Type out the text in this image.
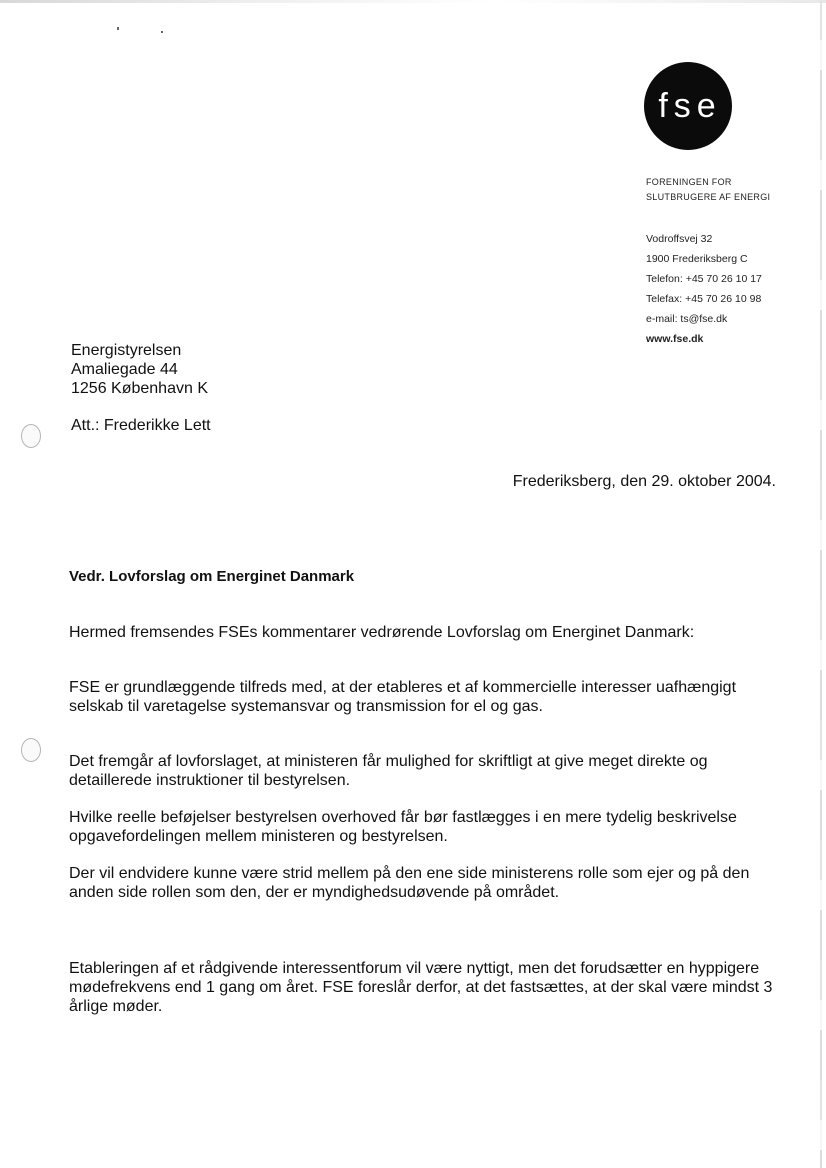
fse
FORENINGEN FOR
SLUTBRUGERE AF ENERGI
Vodroffsvej 32
1900 Frederiksberg C
Telefon: +45 70 26 10 17
Telefax: +45 70 26 10 98
e-mail: ts@fse.dk
www.fse.dk
Energistyrelsen
Amaliegade 44
1256 København K
Att.: Frederikke Lett
Frederiksberg, den 29. oktober 2004.
Vedr. Lovforslag om Energinet Danmark
Hermed fremsendes FSEs kommentarer vedrørende Lovforslag om Energinet Danmark:
FSE er grundlæggende tilfreds med, at der etableres et af kommercielle interesser uafhængigt selskab til varetagelse systemansvar og transmission for el og gas.
Det fremgår af lovforslaget, at ministeren får mulighed for skriftligt at give meget direkte og detaillerede instruktioner til bestyrelsen.
Hvilke reelle beføjelser bestyrelsen overhoved får bør fastlægges i en mere tydelig beskrivelse opgavefordelingen mellem ministeren og bestyrelsen.
Der vil endvidere kunne være strid mellem på den ene side ministerens rolle som ejer og på den anden side rollen som den, der er myndighedsudøvende på området.
Etableringen af et rådgivende interessentforum vil være nyttigt, men det forudsætter en hyppigere mødefrekvens end 1 gang om året. FSE foreslår derfor, at det fastsættes, at der skal være mindst 3 årlige møder.
